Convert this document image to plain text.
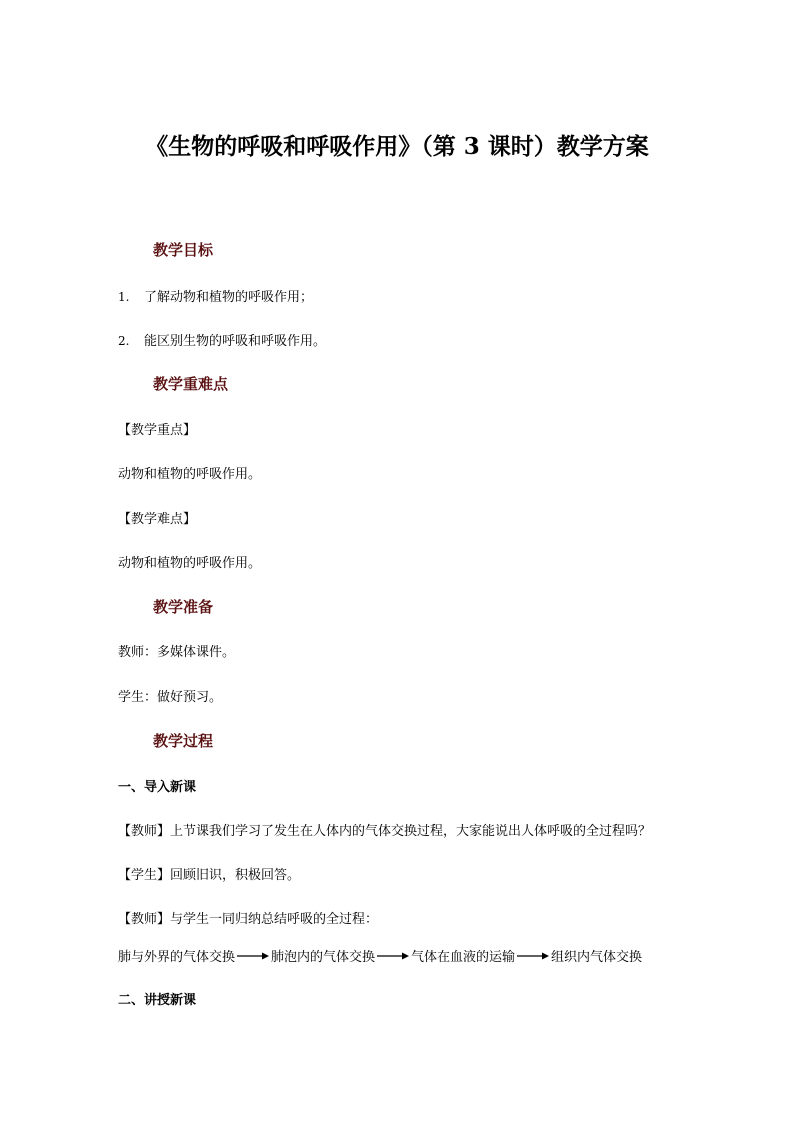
《生物的呼吸和呼吸作用》（第 3 课时）教学方案
教学目标
1. 了解动物和植物的呼吸作用；
2. 能区别生物的呼吸和呼吸作用。
教学重难点
【教学重点】
动物和植物的呼吸作用。
【教学难点】
动物和植物的呼吸作用。
教学准备
教师：多媒体课件。
学生：做好预习。
教学过程
一、导入新课
【教师】上节课我们学习了发生在人体内的气体交换过程，大家能说出人体呼吸的全过程吗？
【学生】回顾旧识，积极回答。
【教师】与学生一同归纳总结呼吸的全过程：
肺与外界的气体交换	肺泡内的气体交换	气体在血液的运输	组织内气体交换
二、讲授新课
